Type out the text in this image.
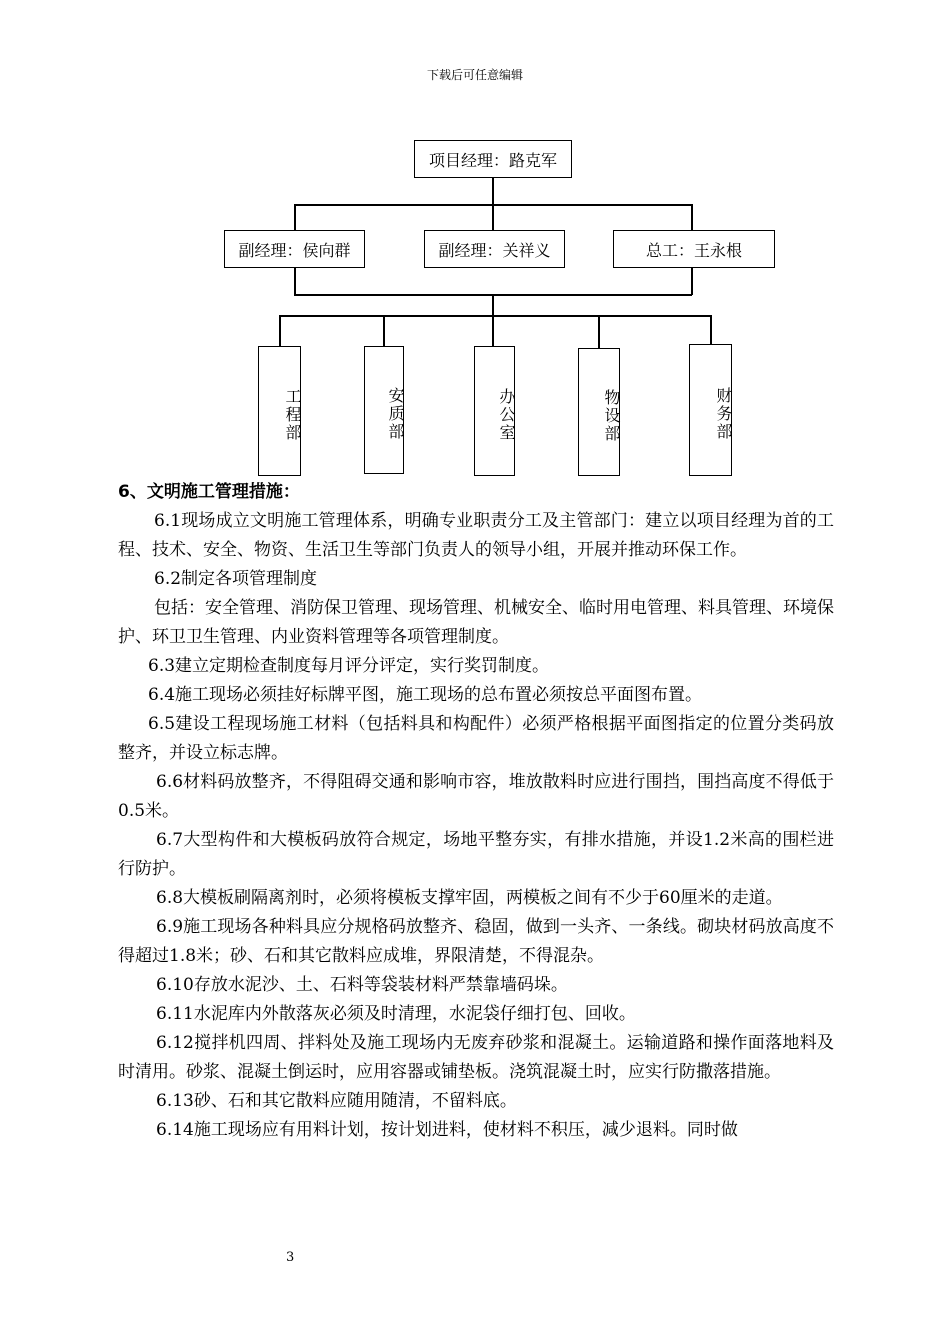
下载后可任意编辑
项目经理：路克军
副经理：侯向群	副经理：关祥义	总工：王永根
工程部	安质部	办公室	物设部	财务部
6、文明施工管理措施：

6.1现场成立文明施工管理体系，明确专业职责分工及主管部门：建立以项目经理为首的工程、技术、安全、物资、生活卫生等部门负责人的领导小组，开展并推动环保工作。

6.2制定各项管理制度

包括：安全管理、消防保卫管理、现场管理、机械安全、临时用电管理、料具管理、环境保护、环卫卫生管理、内业资料管理等各项管理制度。

6.3建立定期检查制度每月评分评定，实行奖罚制度。

6.4施工现场必须挂好标牌平图，施工现场的总布置必须按总平面图布置。

6.5建设工程现场施工材料（包括料具和构配件）必须严格根据平面图指定的位置分类码放整齐，并设立标志牌。

6.6材料码放整齐，不得阻碍交通和影响市容，堆放散料时应进行围挡，围挡高度不得低于0.5米。

6.7大型构件和大模板码放符合规定，场地平整夯实，有排水措施，并设1.2米高的围栏进行防护。

6.8大模板刷隔离剂时，必须将模板支撑牢固，两模板之间有不少于60厘米的走道。

6.9施工现场各种料具应分规格码放整齐、稳固，做到一头齐、一条线。砌块材码放高度不得超过1.8米；砂、石和其它散料应成堆，界限清楚，不得混杂。

6.10存放水泥沙、土、石料等袋装材料严禁靠墙码垛。

6.11水泥库内外散落灰必须及时清理，水泥袋仔细打包、回收。

6.12搅拌机四周、拌料处及施工现场内无废弃砂浆和混凝土。运输道路和操作面落地料及时清用。砂浆、混凝土倒运时，应用容器或铺垫板。浇筑混凝土时，应实行防撒落措施。

6.13砂、石和其它散料应随用随清，不留料底。

6.14施工现场应有用料计划，按计划进料，使材料不积压，减少退料。同时做

3
